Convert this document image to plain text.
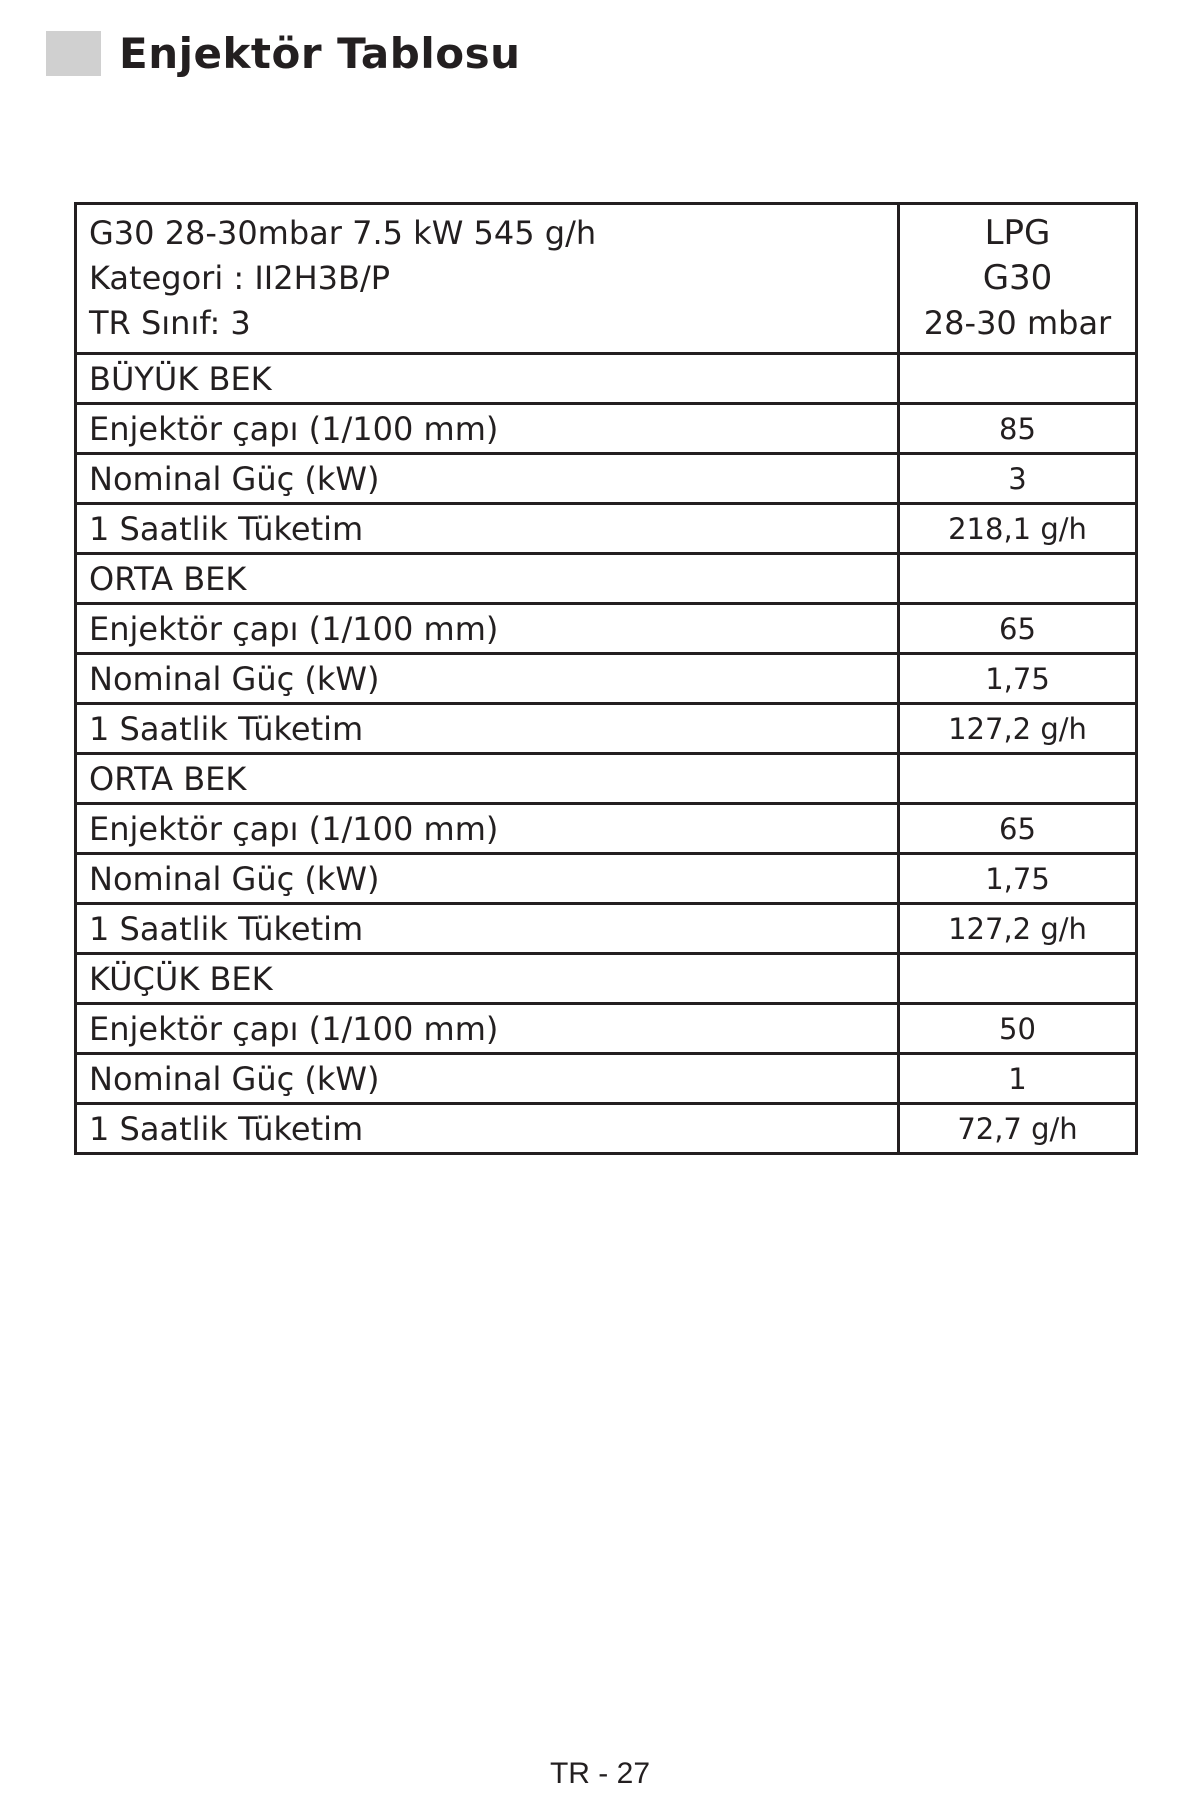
Enjektör Tablosu
G30 28-30mbar 7.5 kW 545 g/h
Kategori : II2H3B/P
TR Sınıf: 3	LPG
G30
28-30 mbar

BÜYÜK BEK	
Enjektör çapı (1/100 mm)	85
Nominal Güç (kW)	3
1 Saatlik Tüketim	218,1 g/h
ORTA BEK	
Enjektör çapı (1/100 mm)	65
Nominal Güç (kW)	1,75
1 Saatlik Tüketim	127,2 g/h
ORTA BEK	
Enjektör çapı (1/100 mm)	65
Nominal Güç (kW)	1,75
1 Saatlik Tüketim	127,2 g/h
KÜÇÜK BEK	
Enjektör çapı (1/100 mm)	50
Nominal Güç (kW)	1
1 Saatlik Tüketim	72,7 g/h
TR - 27
